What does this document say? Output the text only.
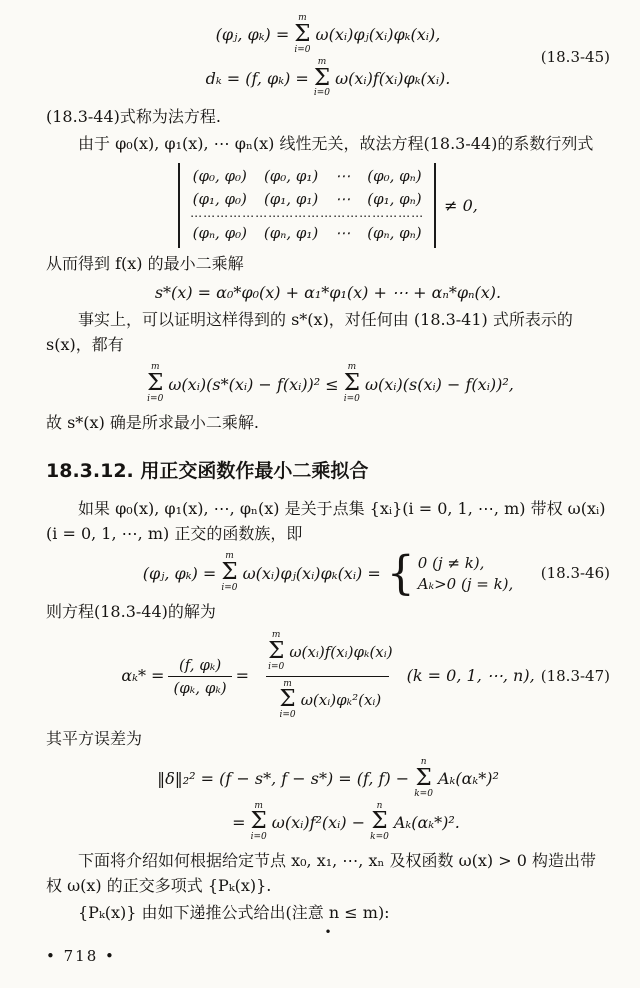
(φⱼ, φₖ) =
m
Σ
i=0
ω(xᵢ)φⱼ(xᵢ)φₖ(xᵢ),
dₖ = (f, φₖ) =
m
Σ
i=0
ω(xᵢ)f(xᵢ)φₖ(xᵢ).
(18.3-45)

(18.3-44)式称为法方程.

由于 φ₀(x), φ₁(x), ⋯ φₙ(x) 线性无关，故法方程(18.3-44)的系数行列式

(φ₀, φ₀) (φ₀, φ₁) ⋯ (φ₀, φₙ)
(φ₁, φ₀) (φ₁, φ₁) ⋯ (φ₁, φₙ)
⋯⋯⋯⋯⋯⋯⋯⋯⋯⋯⋯⋯⋯⋯⋯⋯⋯⋯
(φₙ, φ₀) (φₙ, φ₁) ⋯ (φₙ, φₙ)
≠ 0,

从而得到 f(x) 的最小二乘解

s*(x) = α₀*φ₀(x) + α₁*φ₁(x) + ⋯ + αₙ*φₙ(x).

事实上，可以证明这样得到的 s*(x)，对任何由 (18.3-41) 式所表示的 s(x)，都有

m
Σ
i=0
ω(xᵢ)(s*(xᵢ) − f(xᵢ))² ≤
m
Σ
i=0
ω(xᵢ)(s(xᵢ) − f(xᵢ))²,

故 s*(x) 确是所求最小二乘解.

18.3.12. 用正交函数作最小二乘拟合

如果 φ₀(x), φ₁(x), ⋯, φₙ(x) 是关于点集 {xᵢ}(i = 0, 1, ⋯, m) 带权 ω(xᵢ)(i = 0, 1, ⋯, m) 正交的函数族，即

(φⱼ, φₖ) =
m
Σ
i=0
ω(xᵢ)φⱼ(xᵢ)φₖ(xᵢ) = { 0 (j ≠ k),
Aₖ>0 (j = k),
(18.3-46)

则方程(18.3-44)的解为

$\alpha_k* = \frac{\text{(f, φₖ)}}{\text{(φₖ, φₖ)}}$ =
m
Σ
i=0
ω(xᵢ)f(xᵢ)φₖ(xᵢ)
m
Σ
i=0
ω(xᵢ)φₖ²(xᵢ)
(k = 0, 1, ⋯, n), (18.3-47)

其平方误差为

‖δ‖₂² = (f − s*, f − s*) = (f, f) −
n
Σ
k=0
Aₖ(αₖ*)²
=
m
Σ
i=0
ω(xᵢ)f²(xᵢ) −
n
Σ
k=0
Aₖ(αₖ*)².

下面将介绍如何根据给定节点 x₀, x₁, ⋯, xₙ 及权函数 ω(x) > 0 构造出带权 ω(x) 的正交多项式 {Pₖ(x)}.

{Pₖ(x)} 由如下递推公式给出(注意 n ≤ m):

•
• 718 •
